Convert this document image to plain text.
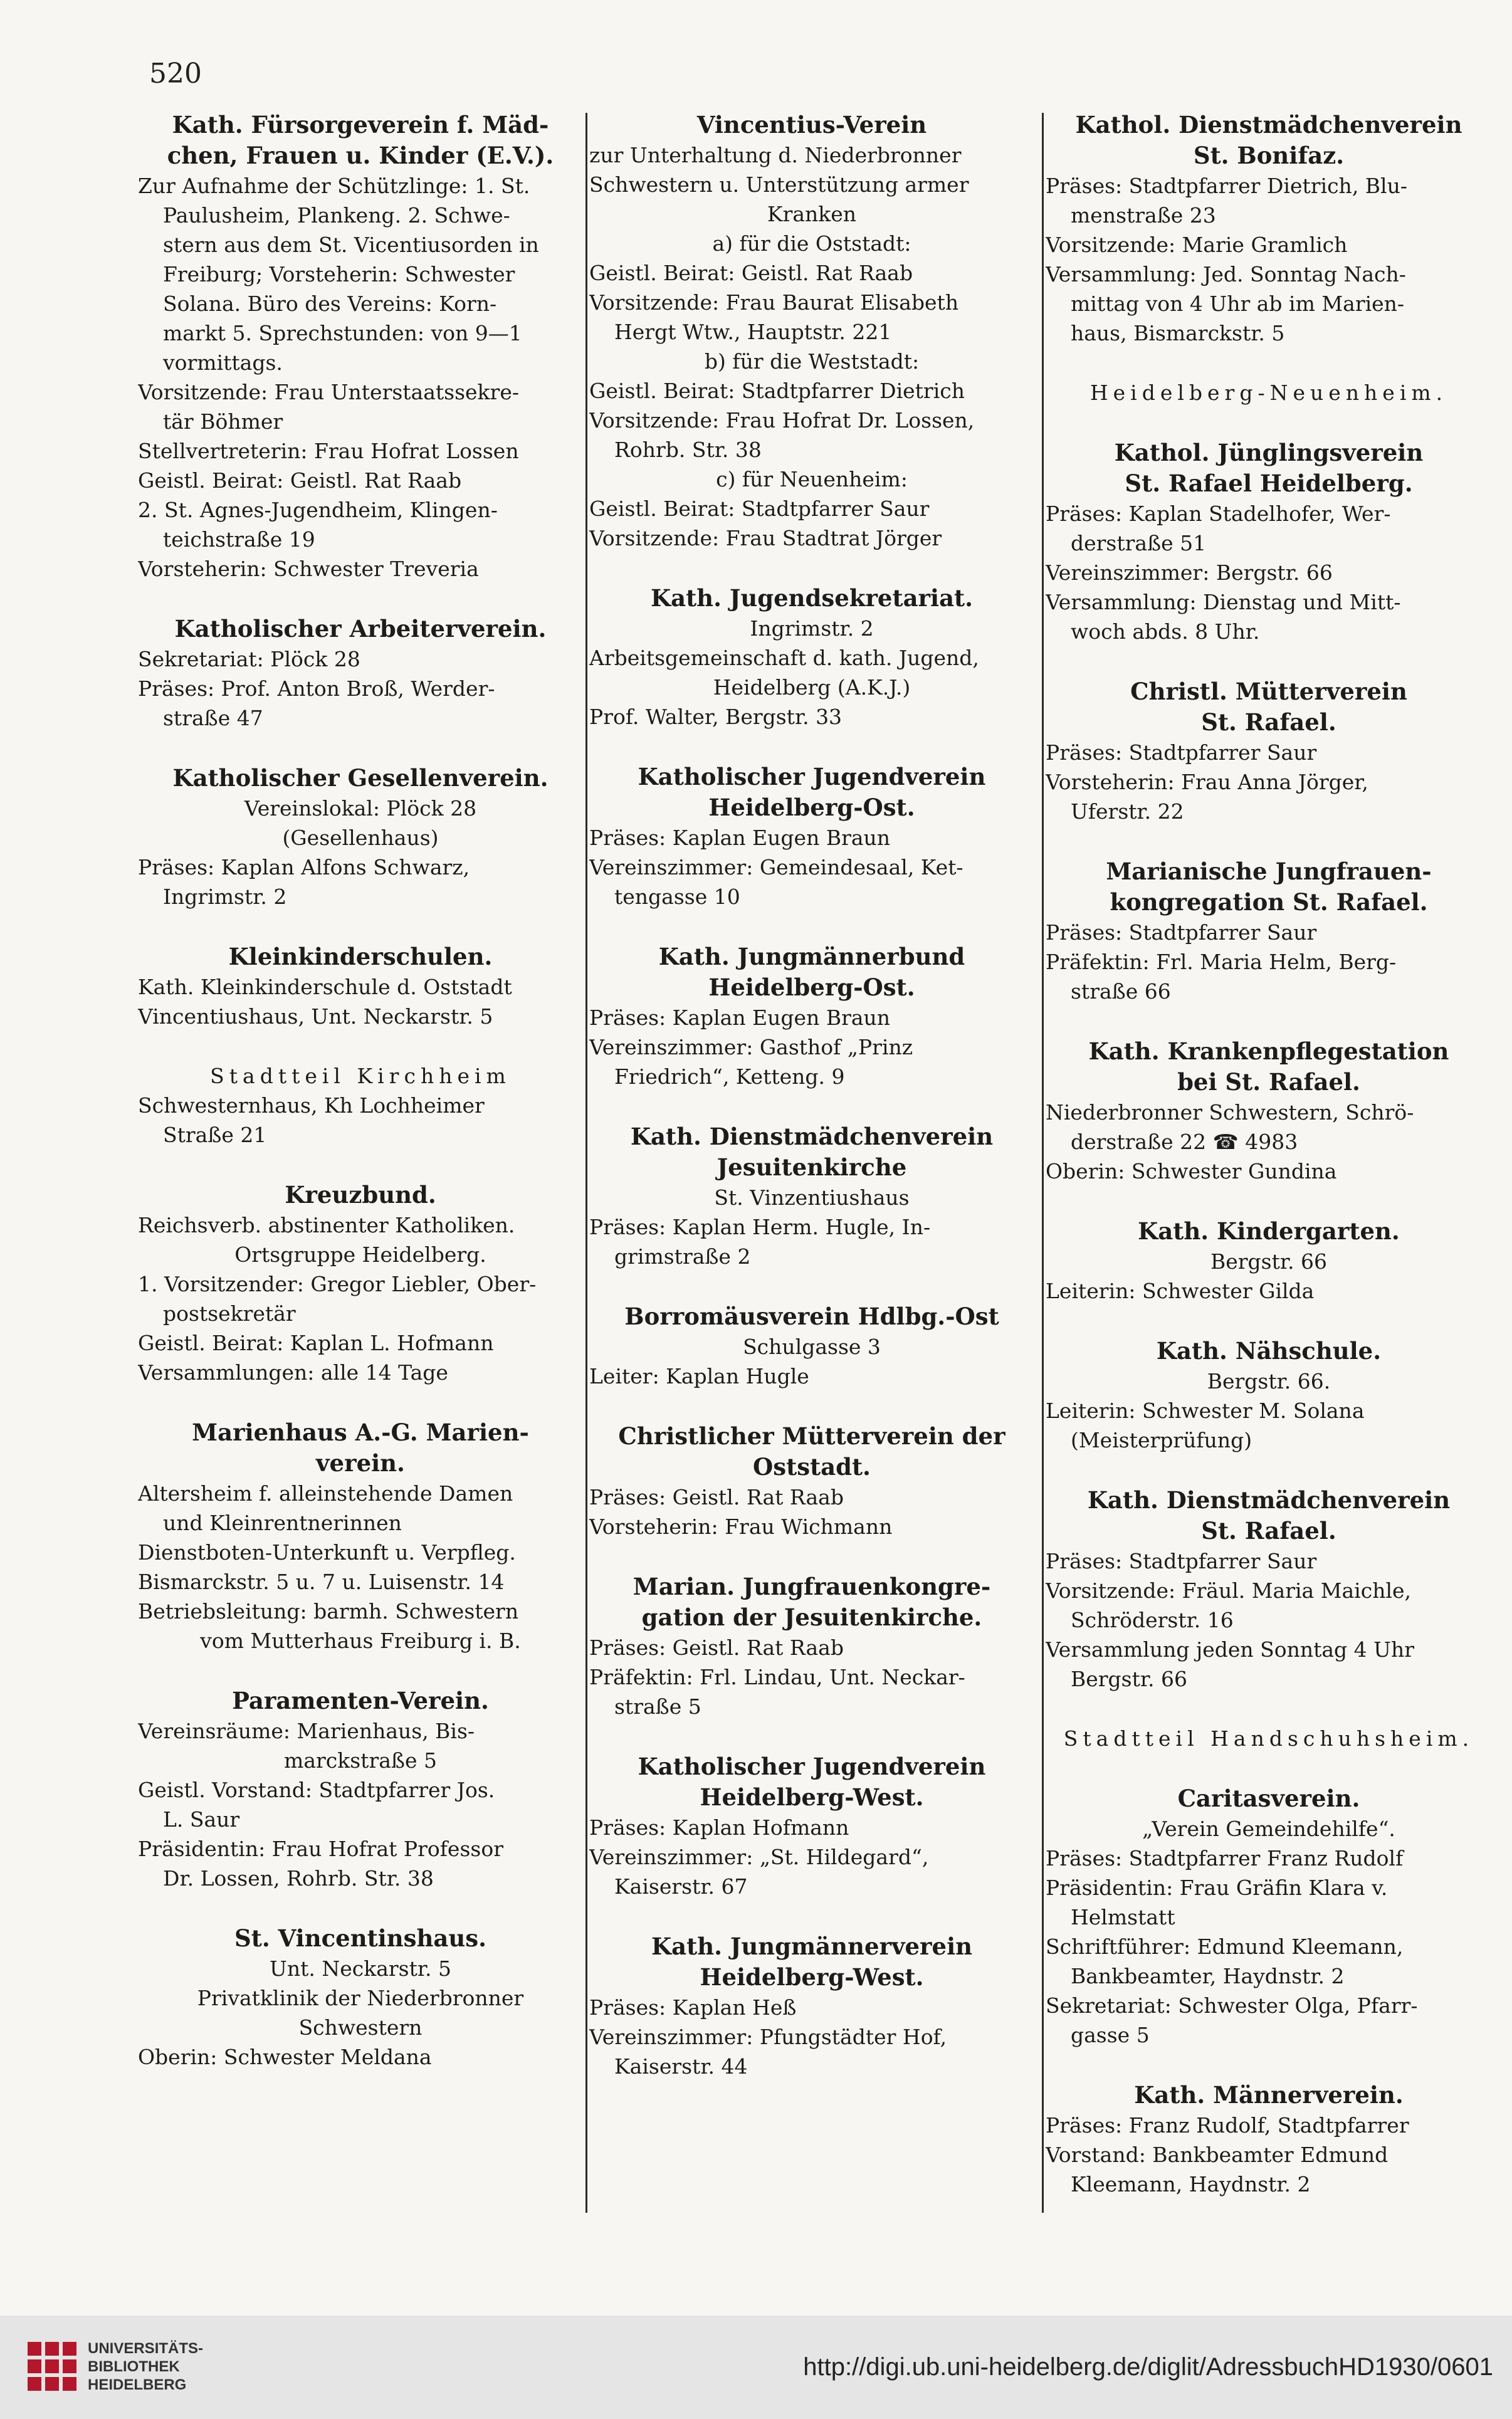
520
Kath. Fürsorgeverein f. Mäd-
chen, Frauen u. Kinder (E.V.).
Zur Aufnahme der Schützlinge: 1. St.
Paulusheim, Plankeng. 2. Schwe-
stern aus dem St. Vicentiusorden in
Freiburg; Vorsteherin: Schwester
Solana. Büro des Vereins: Korn-
markt 5. Sprechstunden: von 9—1
vormittags.
Vorsitzende: Frau Unterstaatssekre-
tär Böhmer
Stellvertreterin: Frau Hofrat Lossen
Geistl. Beirat: Geistl. Rat Raab
2. St. Agnes-Jugendheim, Klingen-
teichstraße 19
Vorsteherin: Schwester Treveria
Katholischer Arbeiterverein.
Sekretariat: Plöck 28
Präses: Prof. Anton Broß, Werder-
straße 47
Katholischer Gesellenverein.
Vereinslokal: Plöck 28
(Gesellenhaus)
Präses: Kaplan Alfons Schwarz,
Ingrimstr. 2
Kleinkinderschulen.
Kath. Kleinkinderschule d. Oststadt
Vincentiushaus, Unt. Neckarstr. 5
Stadtteil Kirchheim
Schwesternhaus, Kh Lochheimer
Straße 21
Kreuzbund.
Reichsverb. abstinenter Katholiken.
Ortsgruppe Heidelberg.
1. Vorsitzender: Gregor Liebler, Ober-
postsekretär
Geistl. Beirat: Kaplan L. Hofmann
Versammlungen: alle 14 Tage
Marienhaus A.-G. Marien-
verein.
Altersheim f. alleinstehende Damen
und Kleinrentnerinnen
Dienstboten-Unterkunft u. Verpfleg.
Bismarckstr. 5 u. 7 u. Luisenstr. 14
Betriebsleitung: barmh. Schwestern
vom Mutterhaus Freiburg i. B.
Paramenten-Verein.
Vereinsräume: Marienhaus, Bis-
marckstraße 5
Geistl. Vorstand: Stadtpfarrer Jos.
L. Saur
Präsidentin: Frau Hofrat Professor
Dr. Lossen, Rohrb. Str. 38
St. Vincentinshaus.
Unt. Neckarstr. 5
Privatklinik der Niederbronner
Schwestern
Oberin: Schwester Meldana
Vincentius-Verein
zur Unterhaltung d. Niederbronner
Schwestern u. Unterstützung armer
Kranken
a) für die Oststadt:
Geistl. Beirat: Geistl. Rat Raab
Vorsitzende: Frau Baurat Elisabeth
Hergt Wtw., Hauptstr. 221
b) für die Weststadt:
Geistl. Beirat: Stadtpfarrer Dietrich
Vorsitzende: Frau Hofrat Dr. Lossen,
Rohrb. Str. 38
c) für Neuenheim:
Geistl. Beirat: Stadtpfarrer Saur
Vorsitzende: Frau Stadtrat Jörger
Kath. Jugendsekretariat.
Ingrimstr. 2
Arbeitsgemeinschaft d. kath. Jugend,
Heidelberg (A.K.J.)
Prof. Walter, Bergstr. 33
Katholischer Jugendverein
Heidelberg-Ost.
Präses: Kaplan Eugen Braun
Vereinszimmer: Gemeindesaal, Ket-
tengasse 10
Kath. Jungmännerbund
Heidelberg-Ost.
Präses: Kaplan Eugen Braun
Vereinszimmer: Gasthof „Prinz
Friedrich“, Ketteng. 9
Kath. Dienstmädchenverein
Jesuitenkirche
St. Vinzentiushaus
Präses: Kaplan Herm. Hugle, In-
grimstraße 2
Borromäusverein Hdlbg.-Ost
Schulgasse 3
Leiter: Kaplan Hugle
Christlicher Mütterverein der
Oststadt.
Präses: Geistl. Rat Raab
Vorsteherin: Frau Wichmann
Marian. Jungfrauenkongre-
gation der Jesuitenkirche.
Präses: Geistl. Rat Raab
Präfektin: Frl. Lindau, Unt. Neckar-
straße 5
Katholischer Jugendverein
Heidelberg-West.
Präses: Kaplan Hofmann
Vereinszimmer: „St. Hildegard“,
Kaiserstr. 67
Kath. Jungmännerverein
Heidelberg-West.
Präses: Kaplan Heß
Vereinszimmer: Pfungstädter Hof,
Kaiserstr. 44
Kathol. Dienstmädchenverein
St. Bonifaz.
Präses: Stadtpfarrer Dietrich, Blu-
menstraße 23
Vorsitzende: Marie Gramlich
Versammlung: Jed. Sonntag Nach-
mittag von 4 Uhr ab im Marien-
haus, Bismarckstr. 5
Heidelberg-Neuenheim.
Kathol. Jünglingsverein
St. Rafael Heidelberg.
Präses: Kaplan Stadelhofer, Wer-
derstraße 51
Vereinszimmer: Bergstr. 66
Versammlung: Dienstag und Mitt-
woch abds. 8 Uhr.
Christl. Mütterverein
St. Rafael.
Präses: Stadtpfarrer Saur
Vorsteherin: Frau Anna Jörger,
Uferstr. 22
Marianische Jungfrauen-
kongregation St. Rafael.
Präses: Stadtpfarrer Saur
Präfektin: Frl. Maria Helm, Berg-
straße 66
Kath. Krankenpflegestation
bei St. Rafael.
Niederbronner Schwestern, Schrö-
derstraße 22 ☎ 4983
Oberin: Schwester Gundina
Kath. Kindergarten.
Bergstr. 66
Leiterin: Schwester Gilda
Kath. Nähschule.
Bergstr. 66.
Leiterin: Schwester M. Solana
(Meisterprüfung)
Kath. Dienstmädchenverein
St. Rafael.
Präses: Stadtpfarrer Saur
Vorsitzende: Fräul. Maria Maichle,
Schröderstr. 16
Versammlung jeden Sonntag 4 Uhr
Bergstr. 66
Stadtteil Handschuhsheim.
Caritasverein.
„Verein Gemeindehilfe“.
Präses: Stadtpfarrer Franz Rudolf
Präsidentin: Frau Gräfin Klara v.
Helmstatt
Schriftführer: Edmund Kleemann,
Bankbeamter, Haydnstr. 2
Sekretariat: Schwester Olga, Pfarr-
gasse 5
Kath. Männerverein.
Präses: Franz Rudolf, Stadtpfarrer
Vorstand: Bankbeamter Edmund
Kleemann, Haydnstr. 2
UNIVERSITÄTS-
BIBLIOTHEK
HEIDELBERG
http://digi.ub.uni-heidelberg.de/diglit/AdressbuchHD1930/0601
